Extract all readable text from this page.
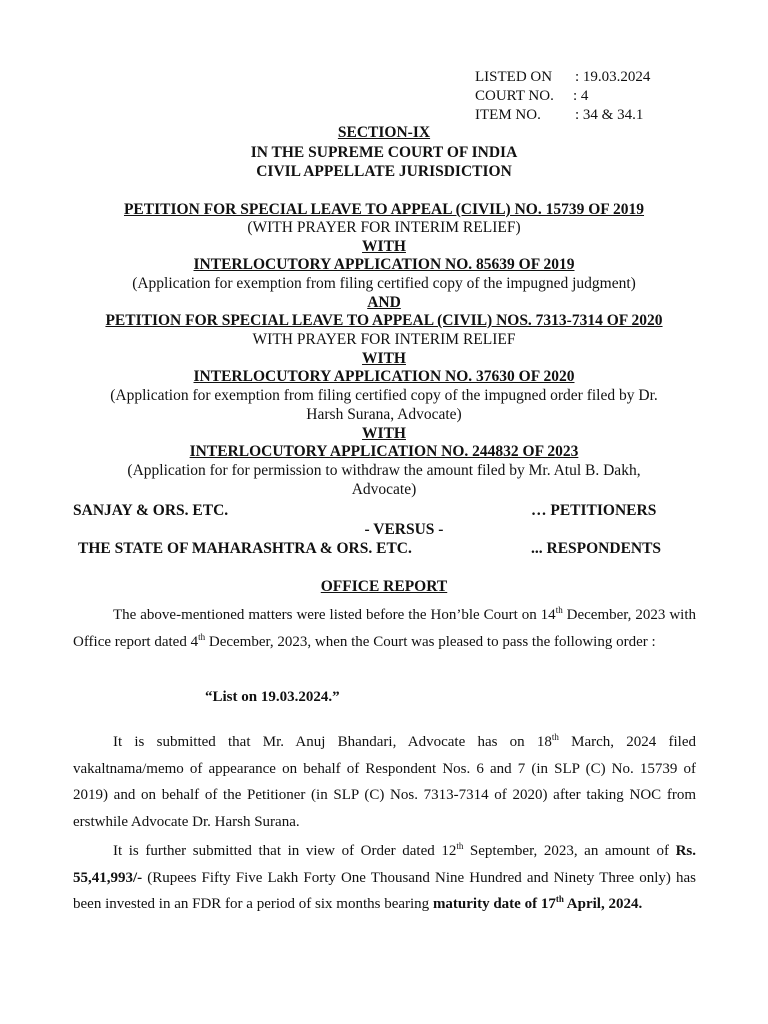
LISTED ON	: 19.03.2024
COURT NO.	: 4
ITEM NO.	: 34 & 34.1
SECTION-IX
IN THE SUPREME COURT OF INDIA
CIVIL APPELLATE JURISDICTION
PETITION FOR SPECIAL LEAVE TO APPEAL (CIVIL) NO. 15739 OF 2019
(WITH PRAYER FOR INTERIM RELIEF)
WITH
INTERLOCUTORY APPLICATION NO. 85639 OF 2019
(Application for exemption from filing certified copy of the impugned judgment)
AND
PETITION FOR SPECIAL LEAVE TO APPEAL (CIVIL) NOS. 7313-7314 OF 2020
WITH PRAYER FOR INTERIM RELIEF
WITH
INTERLOCUTORY APPLICATION NO. 37630 OF 2020
(Application for exemption from filing certified copy of the impugned order filed by Dr.
Harsh Surana, Advocate)
WITH
INTERLOCUTORY APPLICATION NO. 244832 OF 2023
(Application for for permission to withdraw the amount filed by Mr. Atul B. Dakh,
Advocate)
SANJAY & ORS. ETC.	… PETITIONERS
- VERSUS -
THE STATE OF MAHARASHTRA & ORS. ETC.	... RESPONDENTS
OFFICE REPORT
The above-mentioned matters were listed before the Hon’ble Court on 14th December, 2023 with Office report dated 4th December, 2023, when the Court was pleased to pass the following order :
“List on 19.03.2024.”
It is submitted that Mr. Anuj Bhandari, Advocate has on 18th March, 2024 filed vakaltnama/memo of appearance on behalf of Respondent Nos. 6 and 7 (in SLP (C) No. 15739 of 2019) and on behalf of the Petitioner (in SLP (C) Nos. 7313-7314 of 2020) after taking NOC from erstwhile Advocate Dr. Harsh Surana.
It is further submitted that in view of Order dated 12th September, 2023, an amount of Rs. 55,41,993/- (Rupees Fifty Five Lakh Forty One Thousand Nine Hundred and Ninety Three only) has been invested in an FDR for a period of six months bearing maturity date of 17th April, 2024.
